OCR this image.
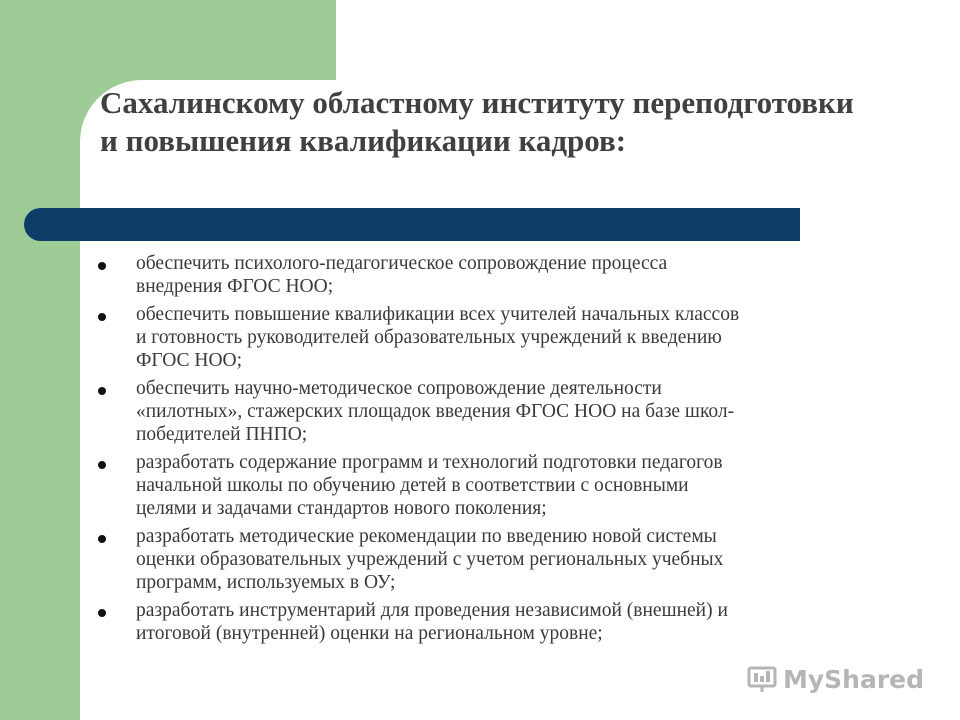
Сахалинскому областному институту переподготовки
и повышения квалификации кадров:
обеспечить психолого-педагогическое сопровождение процесса
внедрения ФГОС НОО;
обеспечить повышение квалификации всех учителей начальных классов
и готовность руководителей образовательных учреждений к введению
ФГОС НОО;
обеспечить научно-методическое сопровождение деятельности
«пилотных», стажерских площадок введения ФГОС НОО на базе школ-
победителей ПНПО;
разработать содержание программ и технологий подготовки педагогов
начальной школы по обучению детей в соответствии с основными
целями и задачами стандартов нового поколения;
разработать методические рекомендации по введению новой системы
оценки образовательных учреждений с учетом региональных учебных
программ, используемых в ОУ;
разработать инструментарий для проведения независимой (внешней) и
итоговой (внутренней) оценки на региональном уровне;
MyShared
